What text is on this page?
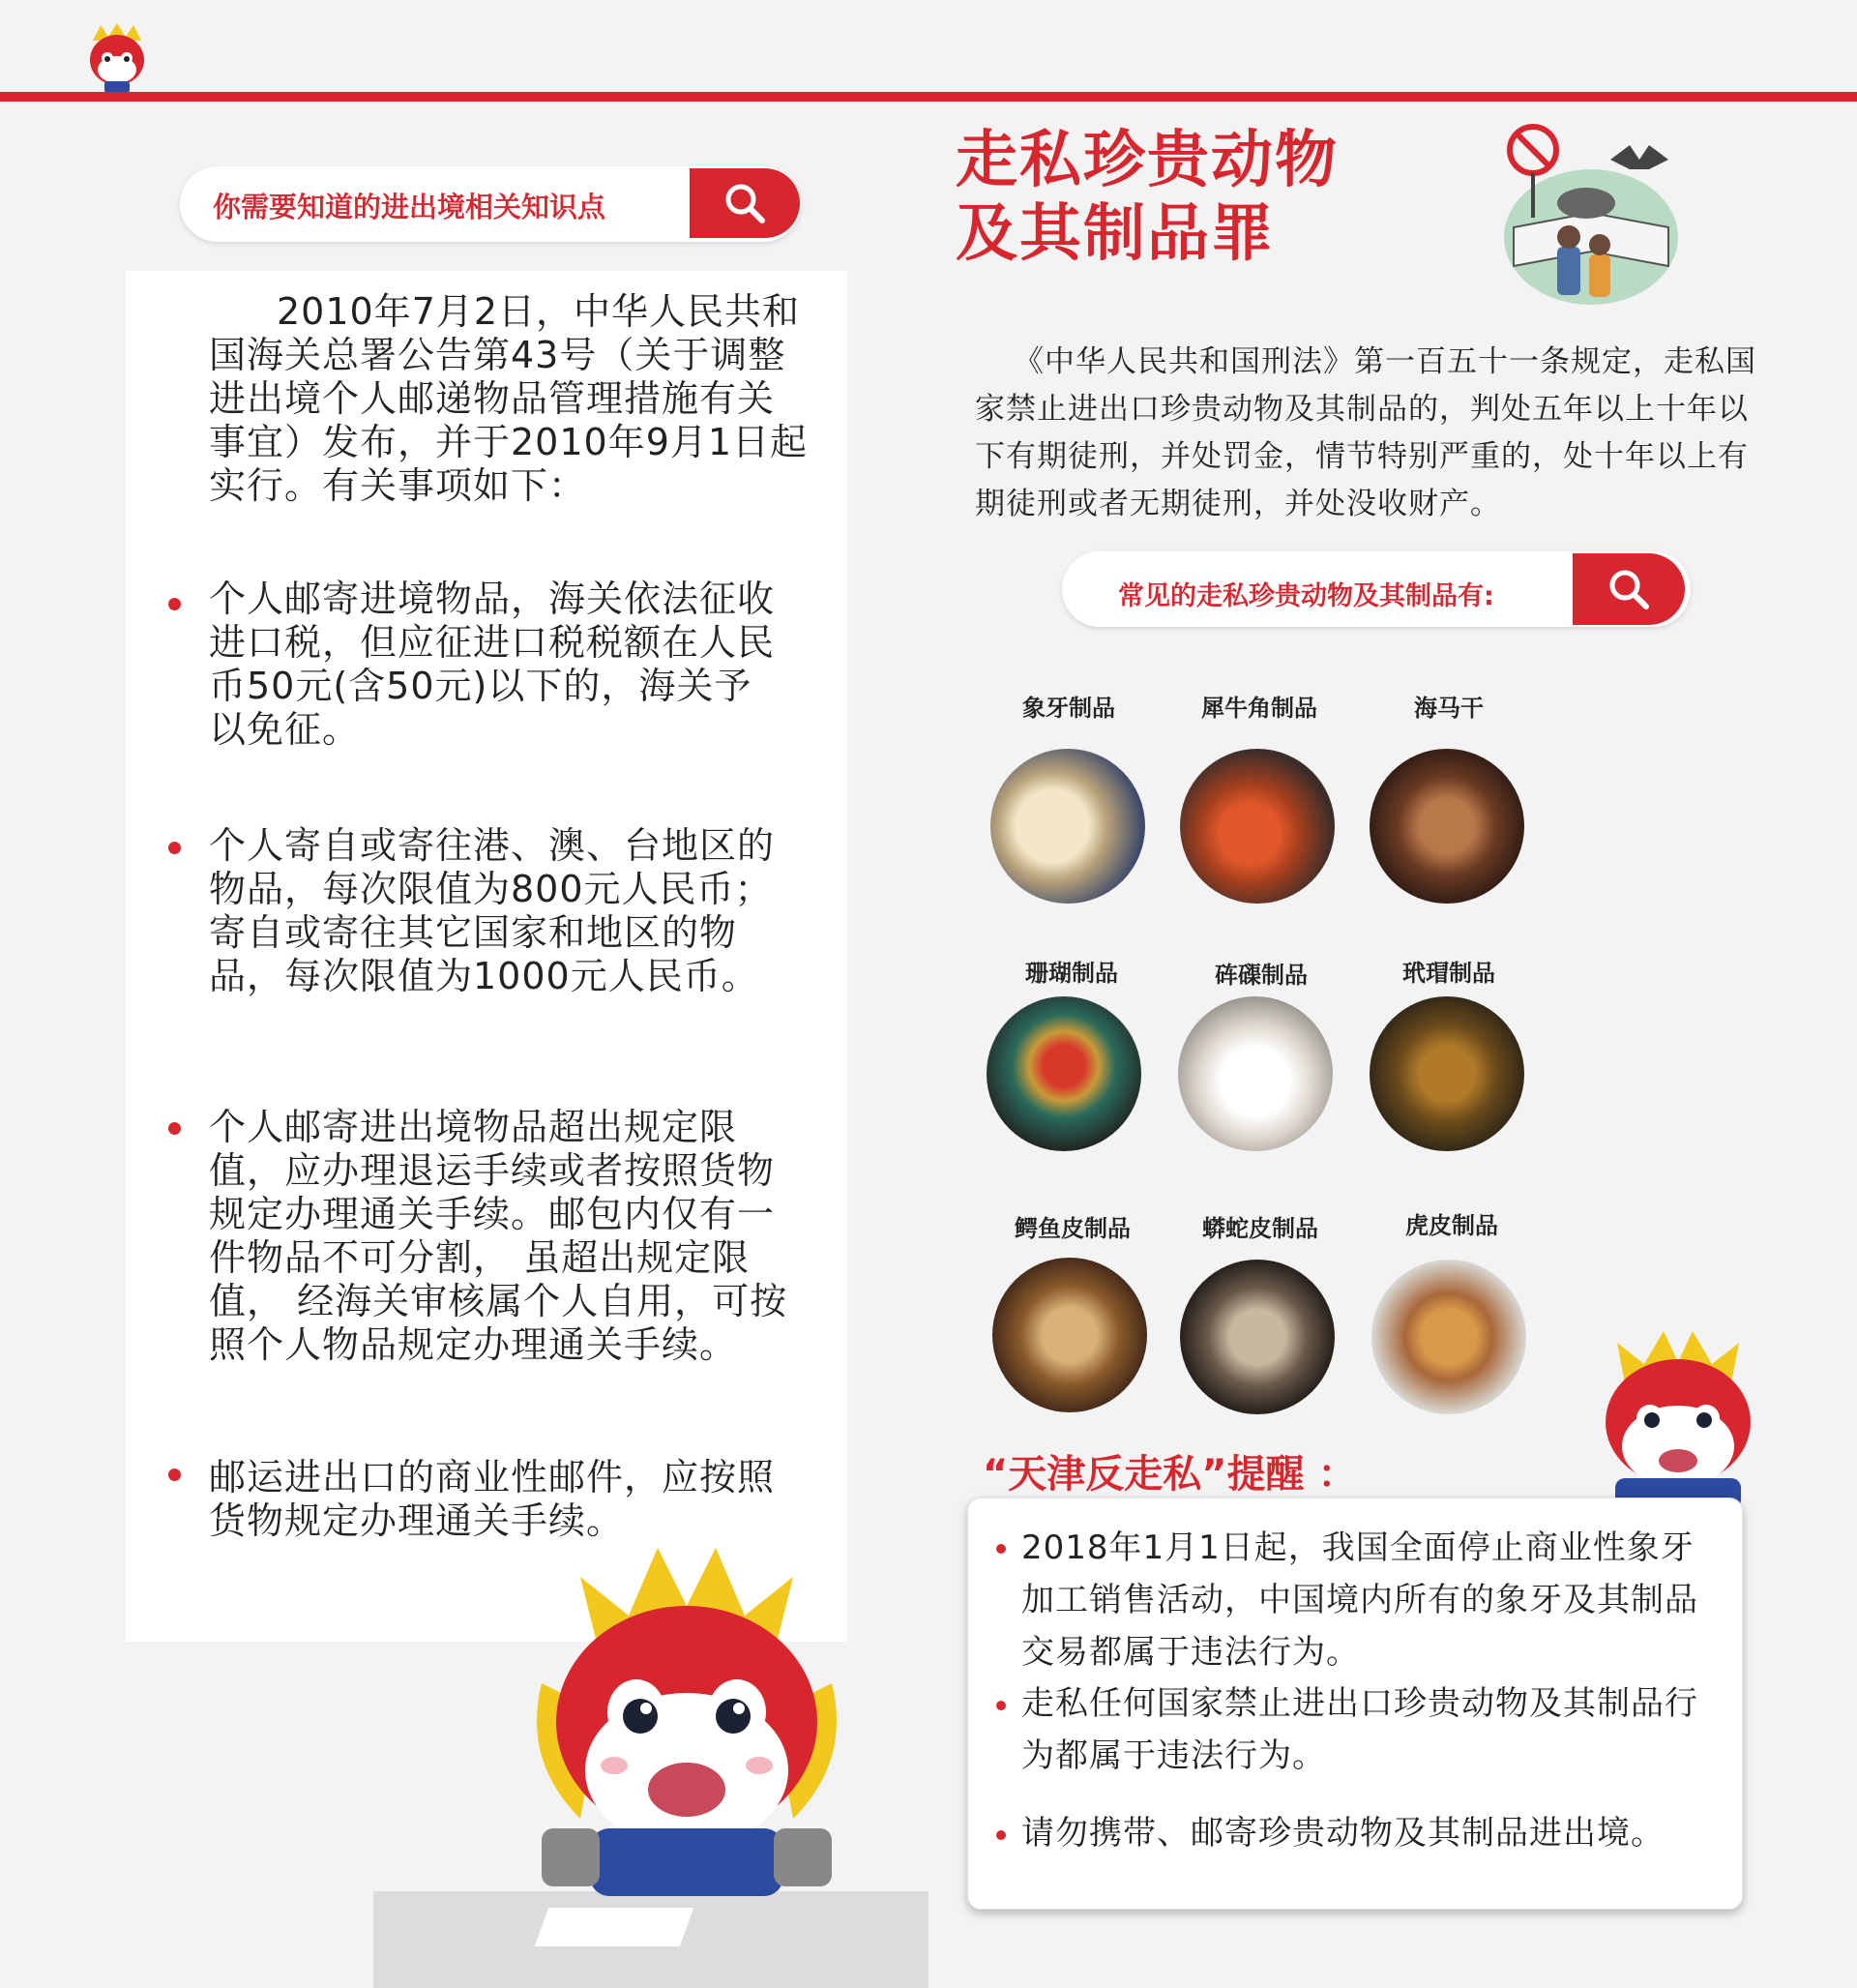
你需要知道的进出境相关知识点
2010年7月2日，中华人民共和国海关总署公告第43号（关于调整进出境个人邮递物品管理措施有关事宜）发布，并于2010年9月1日起实行。有关事项如下：
个人邮寄进境物品，海关依法征收进口税，但应征进口税税额在人民币50元(含50元)以下的，海关予以免征。
个人寄自或寄往港、澳、台地区的物品，每次限值为800元人民币；寄自或寄往其它国家和地区的物品，每次限值为1000元人民币。
个人邮寄进出境物品超出规定限值，应办理退运手续或者按照货物规定办理通关手续。邮包内仅有一件物品不可分割， 虽超出规定限值， 经海关审核属个人自用，可按照个人物品规定办理通关手续。
邮运进出口的商业性邮件，应按照货物规定办理通关手续。
走私珍贵动物
及其制品罪
《中华人民共和国刑法》第一百五十一条规定，走私国家禁止进出口珍贵动物及其制品的，判处五年以上十年以下有期徒刑，并处罚金，情节特别严重的，处十年以上有期徒刑或者无期徒刑，并处没收财产。
常见的走私珍贵动物及其制品有:
象牙制品	犀牛角制品	海马干
珊瑚制品	砗磲制品	玳瑁制品
鳄鱼皮制品	蟒蛇皮制品	虎皮制品
“天津反走私”提醒 ：
2018年1月1日起，我国全面停止商业性象牙加工销售活动，中国境内所有的象牙及其制品交易都属于违法行为。
走私任何国家禁止进出口珍贵动物及其制品行为都属于违法行为。
请勿携带、邮寄珍贵动物及其制品进出境。
